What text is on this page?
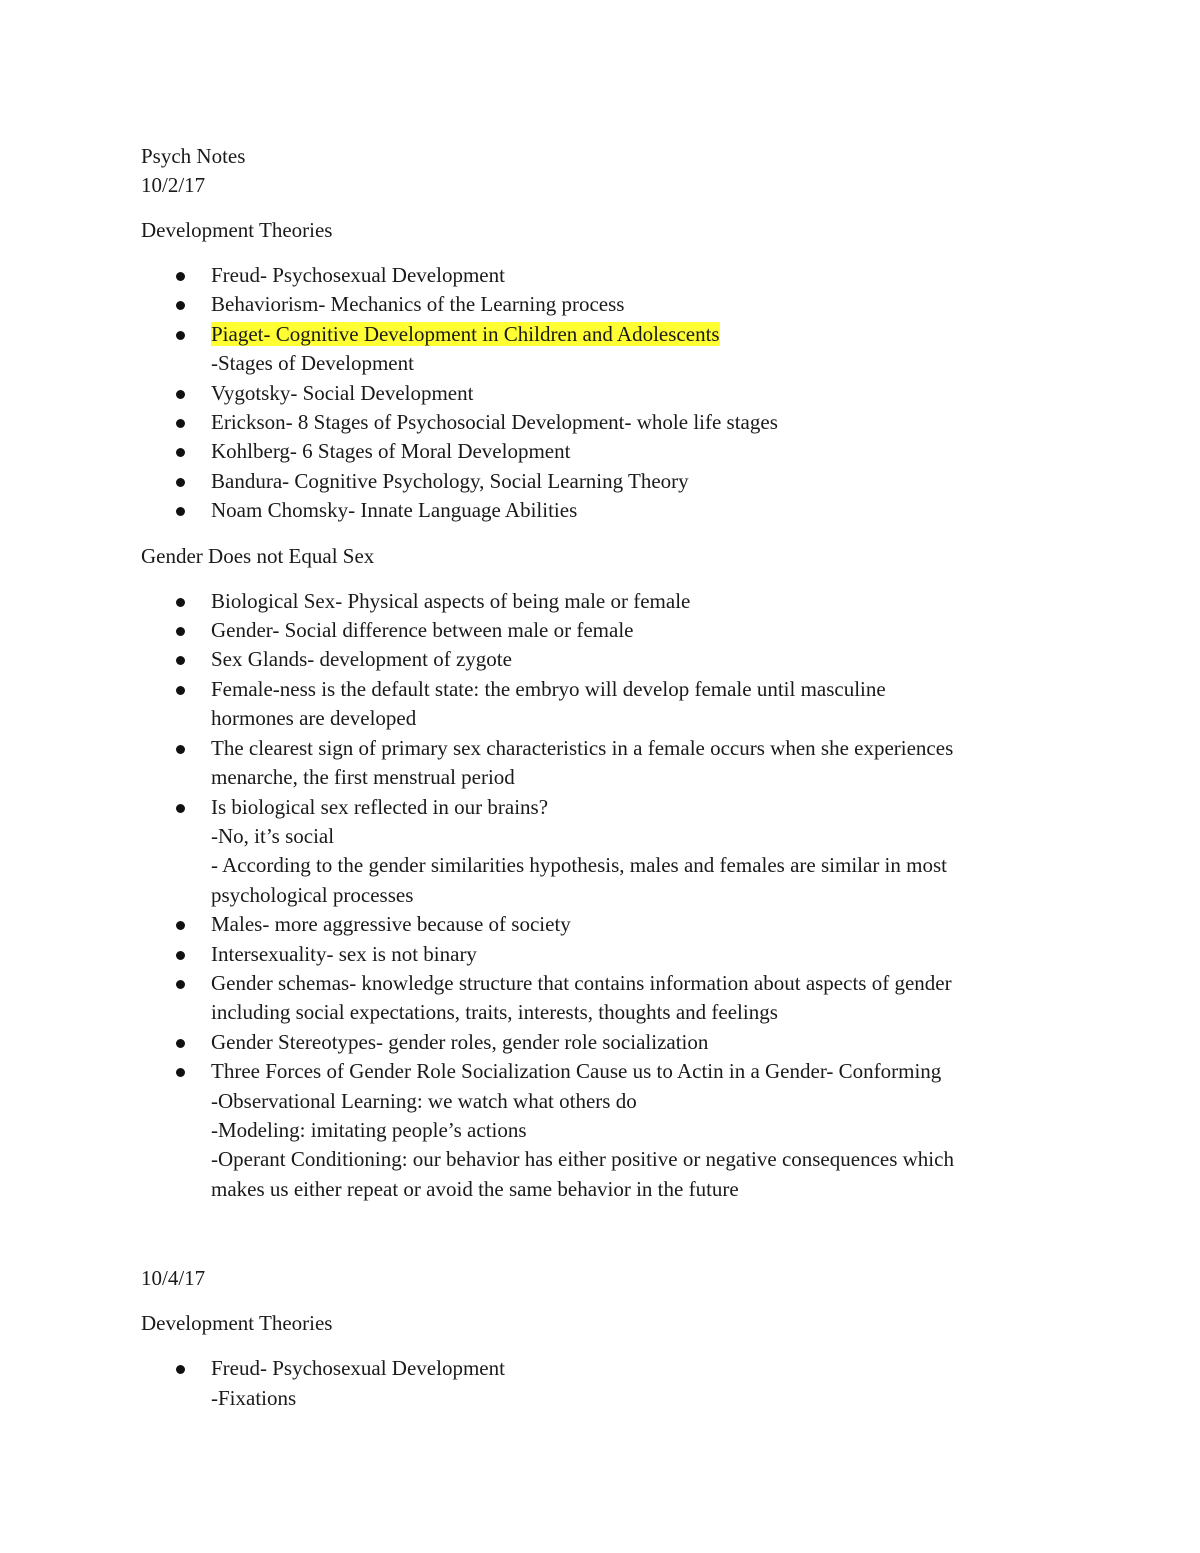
Psych Notes
10/2/17
Development Theories
Freud- Psychosexual Development
Behaviorism- Mechanics of the Learning process
Piaget- Cognitive Development in Children and Adolescents
-Stages of Development
Vygotsky- Social Development
Erickson- 8 Stages of Psychosocial Development- whole life stages
Kohlberg- 6 Stages of Moral Development
Bandura- Cognitive Psychology, Social Learning Theory
Noam Chomsky- Innate Language Abilities
Gender Does not Equal Sex
Biological Sex- Physical aspects of being male or female
Gender- Social difference between male or female
Sex Glands- development of zygote
Female-ness is the default state: the embryo will develop female until masculine
hormones are developed
The clearest sign of primary sex characteristics in a female occurs when she experiences
menarche, the first menstrual period
Is biological sex reflected in our brains?
-No, it’s social
- According to the gender similarities hypothesis, males and females are similar in most
psychological processes
Males- more aggressive because of society
Intersexuality- sex is not binary
Gender schemas- knowledge structure that contains information about aspects of gender
including social expectations, traits, interests, thoughts and feelings
Gender Stereotypes- gender roles, gender role socialization
Three Forces of Gender Role Socialization Cause us to Actin in a Gender- Conforming
-Observational Learning: we watch what others do
-Modeling: imitating people’s actions
-Operant Conditioning: our behavior has either positive or negative consequences which
makes us either repeat or avoid the same behavior in the future
10/4/17
Development Theories
Freud- Psychosexual Development
-Fixations
